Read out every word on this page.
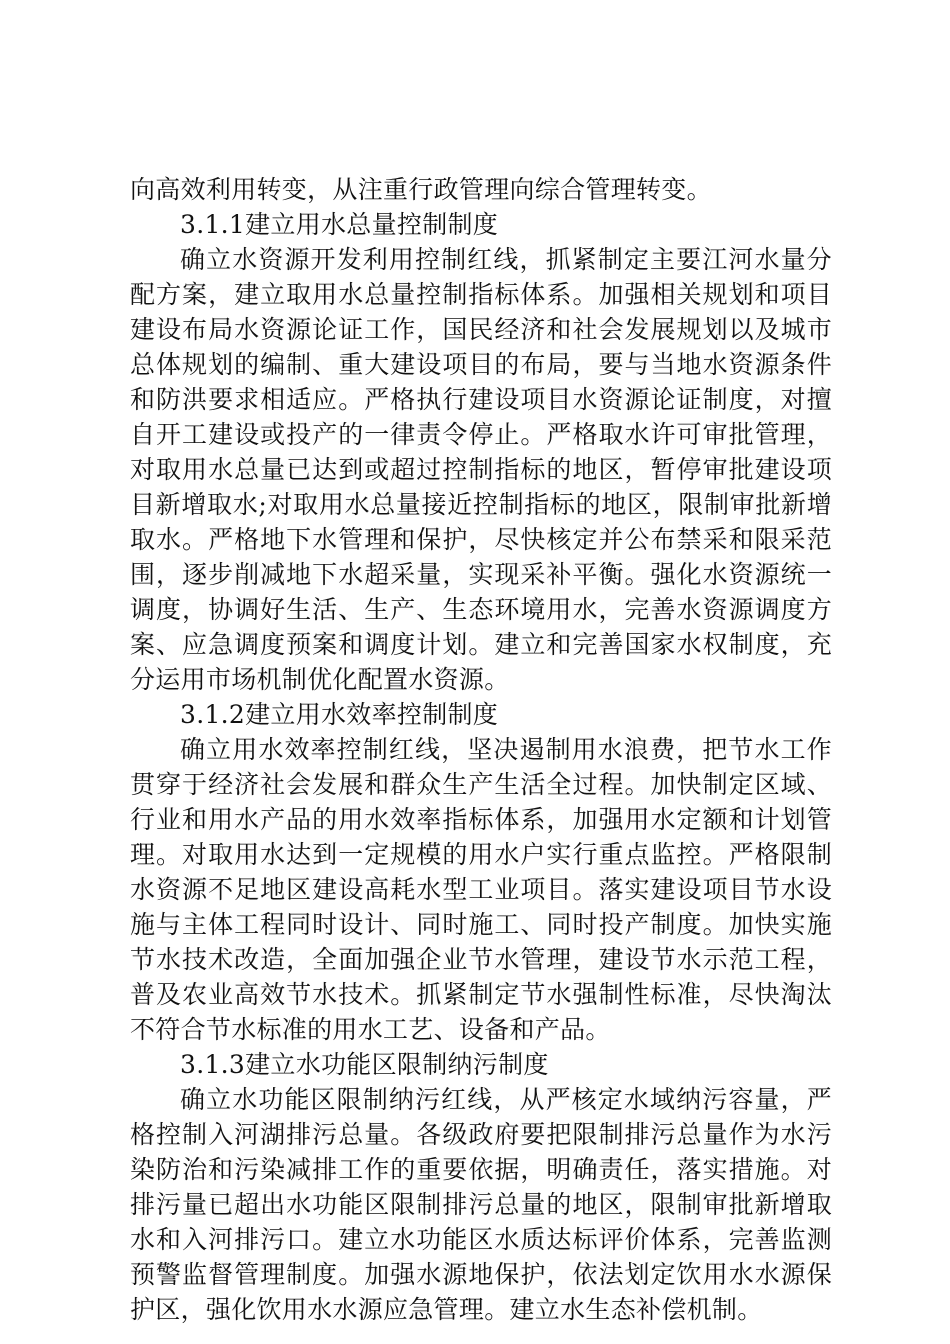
向高效利用转变，从注重行政管理向综合管理转变。

3.1.1建立用水总量控制制度

确立水资源开发利用控制红线，抓紧制定主要江河水量分配方案，建立取用水总量控制指标体系。加强相关规划和项目建设布局水资源论证工作，国民经济和社会发展规划以及城市总体规划的编制、重大建设项目的布局，要与当地水资源条件和防洪要求相适应。严格执行建设项目水资源论证制度，对擅自开工建设或投产的一律责令停止。严格取水许可审批管理，对取用水总量已达到或超过控制指标的地区，暂停审批建设项目新增取水;对取用水总量接近控制指标的地区，限制审批新增取水。严格地下水管理和保护，尽快核定并公布禁采和限采范围，逐步削减地下水超采量，实现采补平衡。强化水资源统一调度，协调好生活、生产、生态环境用水，完善水资源调度方案、应急调度预案和调度计划。建立和完善国家水权制度，充分运用市场机制优化配置水资源。

3.1.2建立用水效率控制制度

确立用水效率控制红线，坚决遏制用水浪费，把节水工作贯穿于经济社会发展和群众生产生活全过程。加快制定区域、行业和用水产品的用水效率指标体系，加强用水定额和计划管理。对取用水达到一定规模的用水户实行重点监控。严格限制水资源不足地区建设高耗水型工业项目。落实建设项目节水设施与主体工程同时设计、同时施工、同时投产制度。加快实施节水技术改造，全面加强企业节水管理，建设节水示范工程，普及农业高效节水技术。抓紧制定节水强制性标准，尽快淘汰不符合节水标准的用水工艺、设备和产品。

3.1.3建立水功能区限制纳污制度

确立水功能区限制纳污红线，从严核定水域纳污容量，严格控制入河湖排污总量。各级政府要把限制排污总量作为水污染防治和污染减排工作的重要依据，明确责任，落实措施。对排污量已超出水功能区限制排污总量的地区，限制审批新增取水和入河排污口。建立水功能区水质达标评价体系，完善监测预警监督管理制度。加强水源地保护，依法划定饮用水水源保护区，强化饮用水水源应急管理。建立水生态补偿机制。
